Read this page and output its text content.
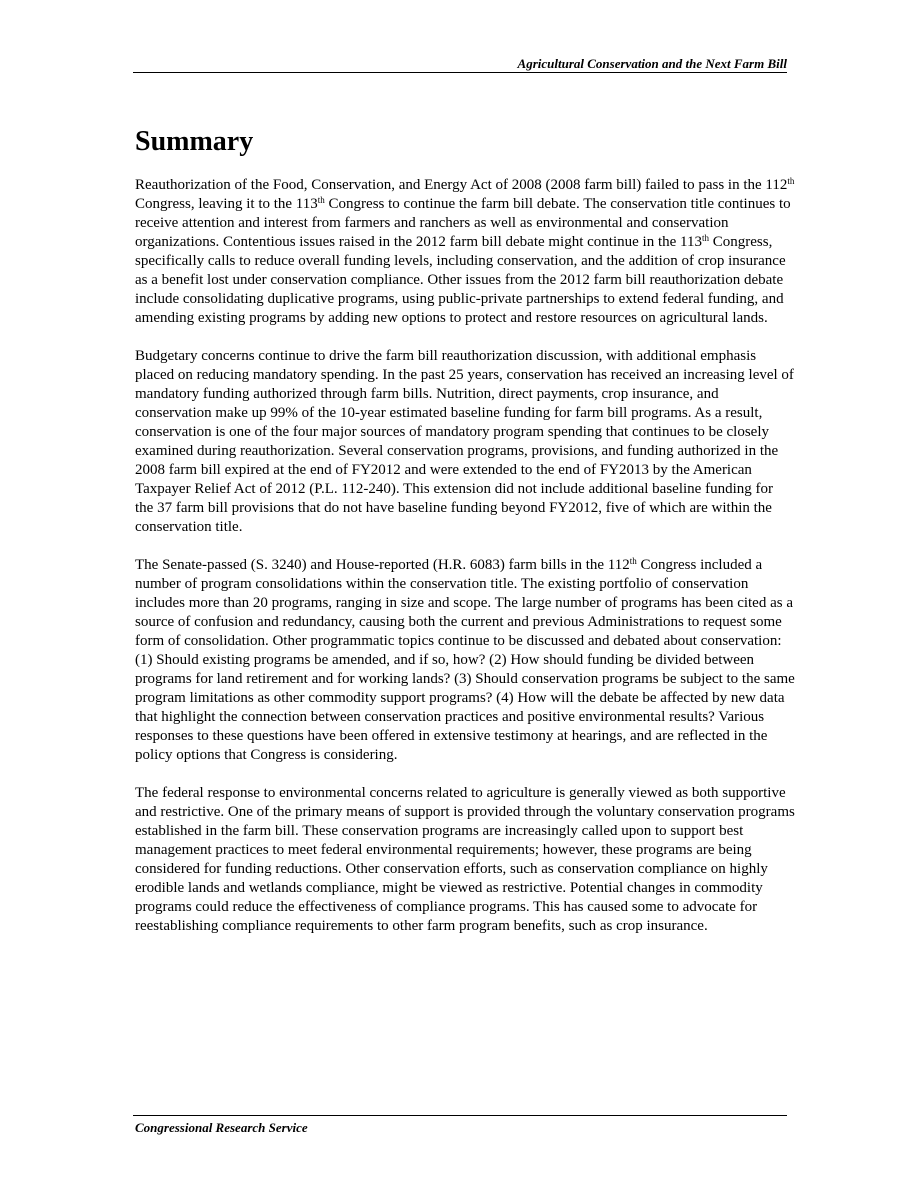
Agricultural Conservation and the Next Farm Bill
Summary

Reauthorization of the Food, Conservation, and Energy Act of 2008 (2008 farm bill) failed to pass in the 112th Congress, leaving it to the 113th Congress to continue the farm bill debate. The conservation title continues to receive attention and interest from farmers and ranchers as well as environmental and conservation organizations. Contentious issues raised in the 2012 farm bill debate might continue in the 113th Congress, specifically calls to reduce overall funding levels, including conservation, and the addition of crop insurance as a benefit lost under conservation compliance. Other issues from the 2012 farm bill reauthorization debate include consolidating duplicative programs, using public-private partnerships to extend federal funding, and amending existing programs by adding new options to protect and restore resources on agricultural lands.

Budgetary concerns continue to drive the farm bill reauthorization discussion, with additional emphasis placed on reducing mandatory spending. In the past 25 years, conservation has received an increasing level of mandatory funding authorized through farm bills. Nutrition, direct payments, crop insurance, and conservation make up 99% of the 10-year estimated baseline funding for farm bill programs. As a result, conservation is one of the four major sources of mandatory program spending that continues to be closely examined during reauthorization. Several conservation programs, provisions, and funding authorized in the 2008 farm bill expired at the end of FY2012 and were extended to the end of FY2013 by the American Taxpayer Relief Act of 2012 (P.L. 112-240). This extension did not include additional baseline funding for the 37 farm bill provisions that do not have baseline funding beyond FY2012, five of which are within the conservation title.

The Senate-passed (S. 3240) and House-reported (H.R. 6083) farm bills in the 112th Congress included a number of program consolidations within the conservation title. The existing portfolio of conservation includes more than 20 programs, ranging in size and scope. The large number of programs has been cited as a source of confusion and redundancy, causing both the current and previous Administrations to request some form of consolidation. Other programmatic topics continue to be discussed and debated about conservation: (1) Should existing programs be amended, and if so, how? (2) How should funding be divided between programs for land retirement and for working lands? (3) Should conservation programs be subject to the same program limitations as other commodity support programs? (4) How will the debate be affected by new data that highlight the connection between conservation practices and positive environmental results? Various responses to these questions have been offered in extensive testimony at hearings, and are reflected in the policy options that Congress is considering.

The federal response to environmental concerns related to agriculture is generally viewed as both supportive and restrictive. One of the primary means of support is provided through the voluntary conservation programs established in the farm bill. These conservation programs are increasingly called upon to support best management practices to meet federal environmental requirements; however, these programs are being considered for funding reductions. Other conservation efforts, such as conservation compliance on highly erodible lands and wetlands compliance, might be viewed as restrictive. Potential changes in commodity programs could reduce the effectiveness of compliance programs. This has caused some to advocate for reestablishing compliance requirements to other farm program benefits, such as crop insurance.

Congressional Research Service
